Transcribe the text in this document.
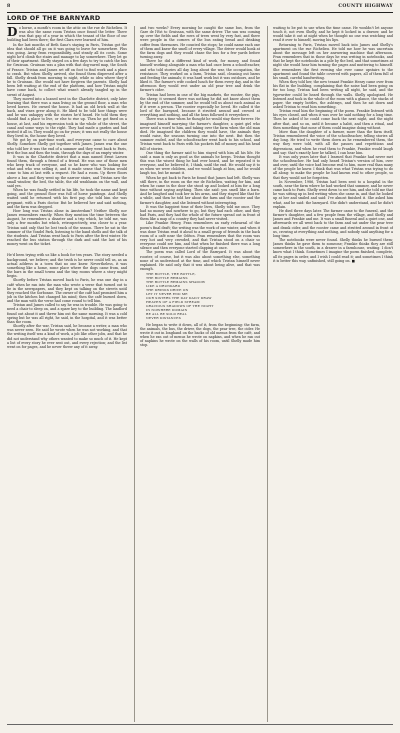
8	COUNTY HIGHWAY
LORD OF THE BARNYARD

Do borne, a month's room in the attic on the rue de Richelieu. It was also the same room Tristan once found the letter. There was that gap of a year in which the tenant of the floor of our building had been there; the first Clara ever learned of him.

In the last months of Beth Sanz's staying in Paris, Tristan got the idea that should all go on it was going to leave for somewhere. Plus was going. Away from responsibility, and steady all its costs. Some night he'd climb the stairs and manage to lay somewhere. They let go of their apartment. Shelly stayed on a few days to try to catch the bus for Gruissan. Gruissan was a plan with that dog-eared map, the South of France. Tristan and James set off on foot to find work and a place to crash. But when Shelly arrived, she found them dispersed after a fall. Shelly drank from morning to night, while so idea where they'd be to Gruissan. She would not have forgiven the parents. Shelly had been left waiting at the end of the platform, and how Tristan might have come back, to collect what wasn't already tangled up in the sweat of August.

They moved into a loaned nest in the Charlotte district, only later learning that there was a man living on the ground floor, a man who loved horses. He owned the house. It had an old brick wall at the back, and vines grew along it. He liked to be told how things were and he was unhappy with the stories he'd heard. He told them they should find a place to live, or else to rise up. Then he got fixed on a house, at last, and his expression took in the whole of the street, the canal and some ways to the right. They had made a garden and had invited it all in. They would go on for years; it was not really the house they lived in, the house they loved.

We got by on part-time work, and everyone came to care about Shelly. Somehow Shelly got together with James. James was the one who told her it was the end of a summer and they went back to Paris, first the bus and then the train, through the days of an empty winter.

It was in the Charlotte district that a man named Ernst Larsen found them, through a friend of a friend. He was one of those men who keep track of everyone, and so he knew who was looking for what and who was selling it, and it made sense that Tristan would come to him at last with a request. He had a room. Up three floors above a bar, and they went up the narrow stairs, and Tristan saw the small window, the bed, the table, the old washbasin on the wall, and said yes.

When he was finally settled in his life, he took the name and kept going, and the ground floor was full of horse paintings. And Shelly waited until he returned with his first pay, she told him she was pregnant, with a Paris doctor. But he believed her and said nothing, and the farm was dropped.

How long was Tristan alone in Amsterdam? Neither Shelly nor James remembers exactly. When they mention the time between the August, he remembers a disaster and a trip which, he told me, was only a few months but which, retrospectively, was closer to a year. Tristan said only that he lost track of the season. There he sat in the summer of the Vondel Park, listening to the band shells and the talk of the students. And Tristan went back to Paris after the first winter. He reached the bus station through the dark and said the last of his money went on the ticket.

· · ·

He'd been trying with us like a book for ten years. The story needed a background, we believe; and the truth is he never could tell us, as an actual address in a town that no one knew. Nevertheless, it was something like a home, some place where the dogs came from, and the bars in the small towns and the tiny rooms where a story might begin.

Shortly before Tristan moved back to Paris, he was one day in a café when he ran into the man who wrote a verse that turned out to be in the newspapers, and they kept on talking on the streets until they reached the Sorbonne. The owner of the café had promised him a job in the kitchen but changed his mind; then the café burned down, and the man with the verse had come round to tell him.

Tristan and James called to say he was in trouble. He was going to need a chair to sleep on, and a spare key to the building. The landlord found out about it and threw him out the same morning. It was a cold spring but he was all right, he said, in the hospital, and it was better than the room.

Shortly after the war, Tristan said, he became a writer, a man who was never seen. He said he wrote when he was not working, and that the writing itself was a kind of work, a job like other jobs, and that he did not understand why others wanted to make so much of it. He kept a list of every story he ever sent out, and every rejection; and the list went on for pages, and he never threw any of it away.

and two weeks? Every morning he caught the same bus, from the Gare de l'Est to Gruissan, with the same driver. The sun was coming up over the fields and the rows of trees went by very fast, and there were people in the corners of the bus eating bread and drinking coffee from thermoses. He counted the stops; he could name each one of them and knew the smell of every village. The driver would honk at the farm dogs and they would chase the bus for a few yards before turning away.

There he did a different kind of work, for money, and found himself working alongside a man who had once been a schoolteacher, and who told stories all day long about the war, the occupation, the resistance. They worked on a farm, Tristan said, cleaning out barns and feeding the animals; it was hard work but it was outdoors, and he liked it. The farmer's wife cooked lunch for them every day, and in the afternoon they would rest under an old pear tree and drink the farmer's cider.

Tristan had been in one of the big markets, the rooster, the pigs, the sheep; it seemed there was nothing he did not know about them by the end of the summer, and he would tell us about each animal as if it were a person. The rooster especially he loved. He called it the lord of the barnyard, because it strutted around and crowed at everything and nothing, and all the hens followed it everywhere.

There was a time when he thought he would stay there forever. He imagined himself marrying the farmer's daughter, a quiet girl who never said a word to him, and taking over the farm when the old man died. He imagined the children they would have, the animals they would raise, the seasons turning one into the next. But then the summer ended, and the schoolteacher went back to his school, and Tristan went back to Paris with his pockets full of money and his head full of stories.

One thing the farmer said to him stayed with him all his life. He said: a man is only as good as the animals he keeps. Tristan thought this was the wisest thing he had ever heard, and he repeated it to everyone, and he believed it, I think, until the end. He would say it to us when we were children, and we would laugh at him, and he would laugh too, but he meant it.

When he got back to Paris he found that James had left. Shelly was still there, in the room on the rue de Richelieu, waiting for him, and when he came in the door she stood up and looked at him for a long time without saying anything. Then she said: you smell like a barn. And he laughed and took her in his arms, and they stayed like that for a while, and then he told her about the farm and the rooster and the farmer's daughter, and she listened without interrupting.

It was the happiest time of their lives, Shelly told me once. They had no money and nowhere to go, but they had each other, and they had Paris, and they had the whole of the future spread out in front of them like a map of a country they had never visited.

Like Frankie Henry, Fran remembers an early rehearsal of the poem's final draft; the writing was the work of one winter, and when it was done Tristan read it aloud to a small group of friends in the back room of a café near the Odéon. Fran remembers that the room was very hot and very crowded, and that Tristan stood on a chair so everyone could see him, and that when he finished there was a long silence and then everyone started clapping at once.

The poem was called Lord of the Barnyard. It was about the rooster, of course, but it was also about something else, something none of us understood at the time, and which Tristan himself never explained. He said only that it was about being alive, and that was enough.

THE BOTTLE, THE BOTTLE,
THE BOTTLE REMAINS
THE BOTTLE REMAINS SHADOW
LIKE A DRUNKARD
THE DRINKS DRIVE ON
LET IT NEVER END ME
OUR SISTERS THE DAY DAILY DRAW
HEAVEN OF A FIELD STREAM
GRACIOUS SHADOWS OF THE NIGHT
IN NOWHERE DOMAIN
BE ALL BE SOLD REAL
NEVER DISTANCES

He began to write it down, all of it, from the beginning: the farm, the animals, the bus, the driver, the dogs, the pear tree, the cider. He wrote it out in longhand on the backs of old menus from the café, and when he ran out of menus he wrote on napkins, and when he ran out of napkins he wrote on the walls of his room, until Shelly made him stop.

waiting to be put to use when the time came. He wouldn't let anyone touch it, not even Shelly, and he kept it locked in a drawer, and he would take it out at night when he thought no one was watching and read it over to himself, moving his lips.

Returning to Paris, Tristan moved back into James and Shelly's apartment on the rue Richelieu. He told me how he was uncertain about the message left on her answering machine that afternoon. Fran remembers that in those days he was writing in notebooks, and that he kept the notebooks in a pile by the bed, and that sometimes at night she would hear him turning the pages and muttering to himself. She remembers the first evening she ever came upstairs to the apartment and found the table covered with papers, all of them full of his small, careful handwriting.

When they told her, the new tenant Frankie Henry came over from his flat in the building, complaining that the noise had been going on for too long. Tristan had been writing all night, he said, and the typewriter could be heard through the walls. Shelly apologized. He listened and took in the whole of the room with a glance, the stacks of paper, the empty bottles, the ashtrays, and then he sat down and asked Tristan to read him something.

Tristan read him the beginning of the poem. Frankie listened with his eyes closed, and when it was over he said nothing for a long time. Then he asked if he could come back the next night, and the night after that, and so on, until it became a habit, and then a ritual, and then something that none of them could imagine doing without.

More than the daughter of a farmer, more than the farm itself, Tristan remembered the voice of the schoolteacher, telling stories all day long. He tried to write them down as he remembered them, the way they were told, with all the pauses and repetitions and digressions, and when he read them to Frankie, Frankie would laugh and say: that's exactly how he talked, I can hear him.

It was only years later that I learned that Frankie had never met the schoolteacher. He had only heard Tristan's version of him, over and over, until the voice had become real to him, more real than many of the people he knew. I think that was what Tristan was trying to do all along: to make the people he had known real to other people, so that they would not be forgotten.

In November, 1986, Tristan had been sent to a hospital in the south, near the farm where he had worked that summer, and he never came back to Paris. Shelly went down to see him, and she told me that he was sitting up in bed writing when she came in, and that he looked up at her and smiled and said: I've almost finished it. She asked him what, and he said: the barnyard. She didn't understand, and he didn't explain.

He died three days later. The farmer came to the funeral, and the farmer's daughter, and a few people from the village, and Shelly and James and Frankie and me. It was a small funeral and a quiet one, and afterwards we all went back to the farm and sat under the pear tree and drank cider, and the rooster came and strutted around in front of us, crowing at everything and nothing, and nobody said anything for a long time.

The notebooks were never found. Shelly thinks he burned them; James thinks he gave them to someone; Frankie thinks they are still somewhere in the south, in a drawer in a farmhouse, waiting. I don't know what I think. Sometimes I imagine the poem finished, complete, all its pages in order, and I wish I could read it; and sometimes I think it is better this way, unfinished, still going on. ■
